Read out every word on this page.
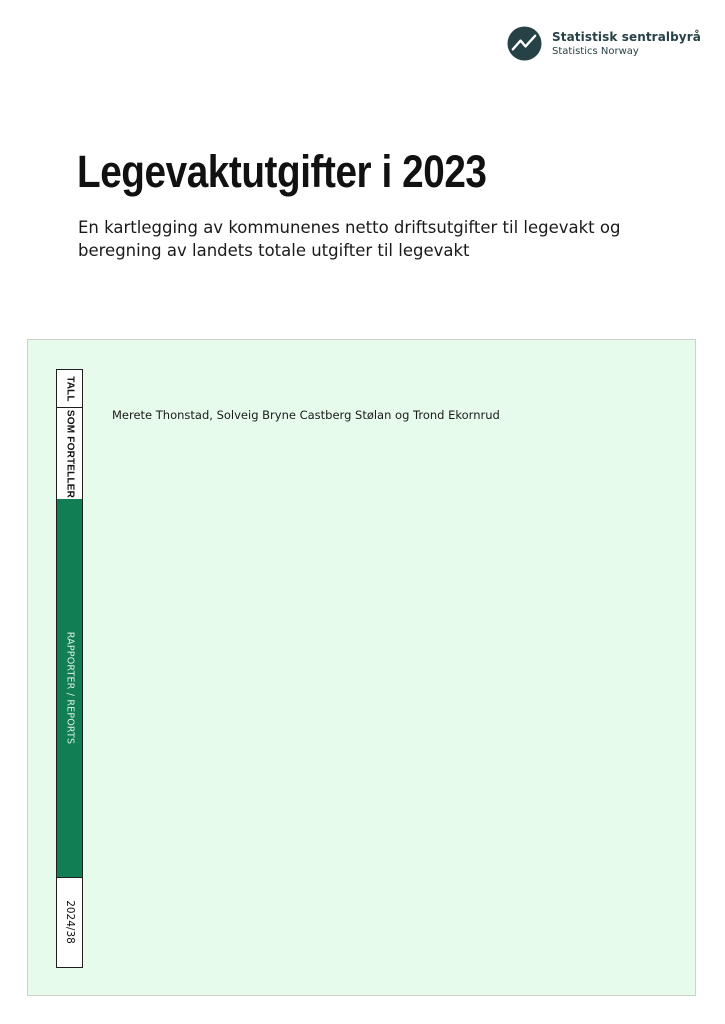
Statistisk sentralbyrå
Statistics Norway
Legevaktutgifter i 2023

En kartlegging av kommunenes netto driftsutgifter til legevakt og
beregning av landets totale utgifter til legevakt

TALL
SOM FORTELLER
RAPPORTER / REPORTS
2024/38

Merete Thonstad, Solveig Bryne Castberg Stølan og Trond Ekornrud
